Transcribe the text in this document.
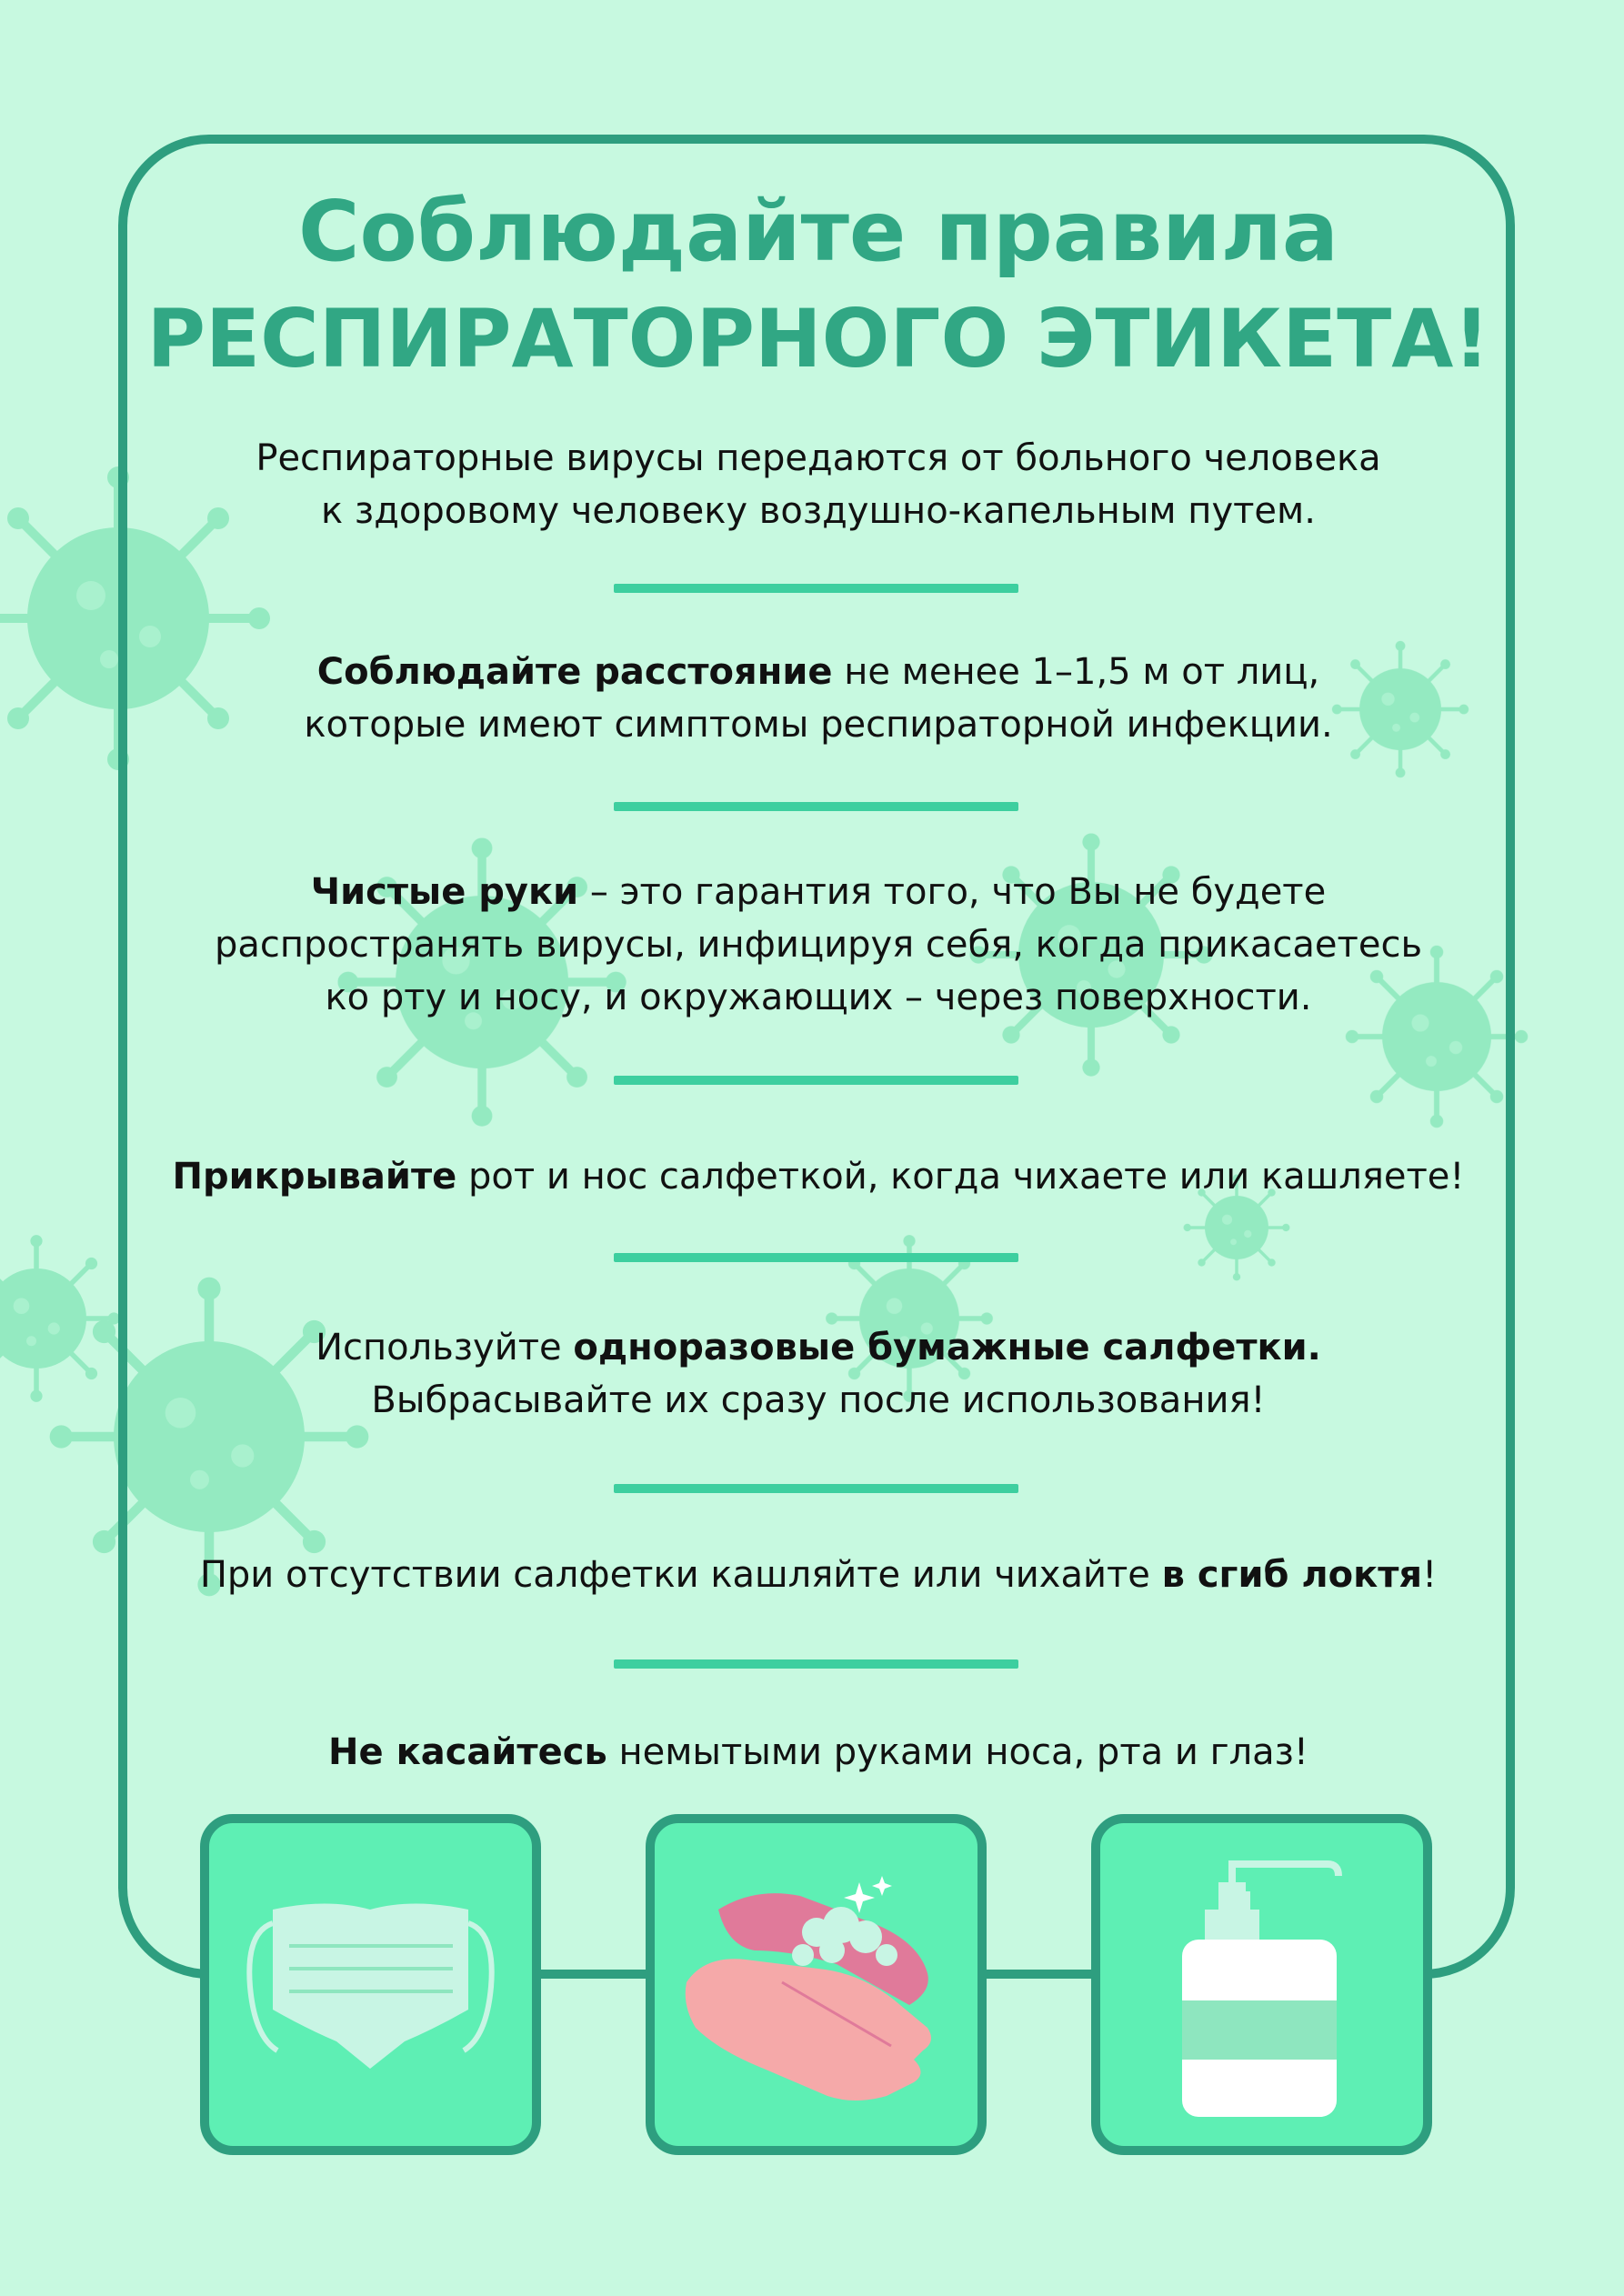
Соблюдайте правила
РЕСПИРАТОРНОГО ЭТИКЕТА!

Респираторные вирусы передаются от больного человека
к здоровому человеку воздушно-капельным путем.

Соблюдайте расстояние не менее 1–1,5 м от лиц,
которые имеют симптомы респираторной инфекции.

Чистые руки – это гарантия того, что Вы не будете
распространять вирусы, инфицируя себя, когда прикасаетесь
ко рту и носу, и окружающих – через поверхности.

Прикрывайте рот и нос салфеткой, когда чихаете или кашляете!

Используйте одноразовые бумажные салфетки.
Выбрасывайте их сразу после использования!

При отсутствии салфетки кашляйте или чихайте в сгиб локтя!

Не касайтесь немытыми руками носа, рта и глаз!
